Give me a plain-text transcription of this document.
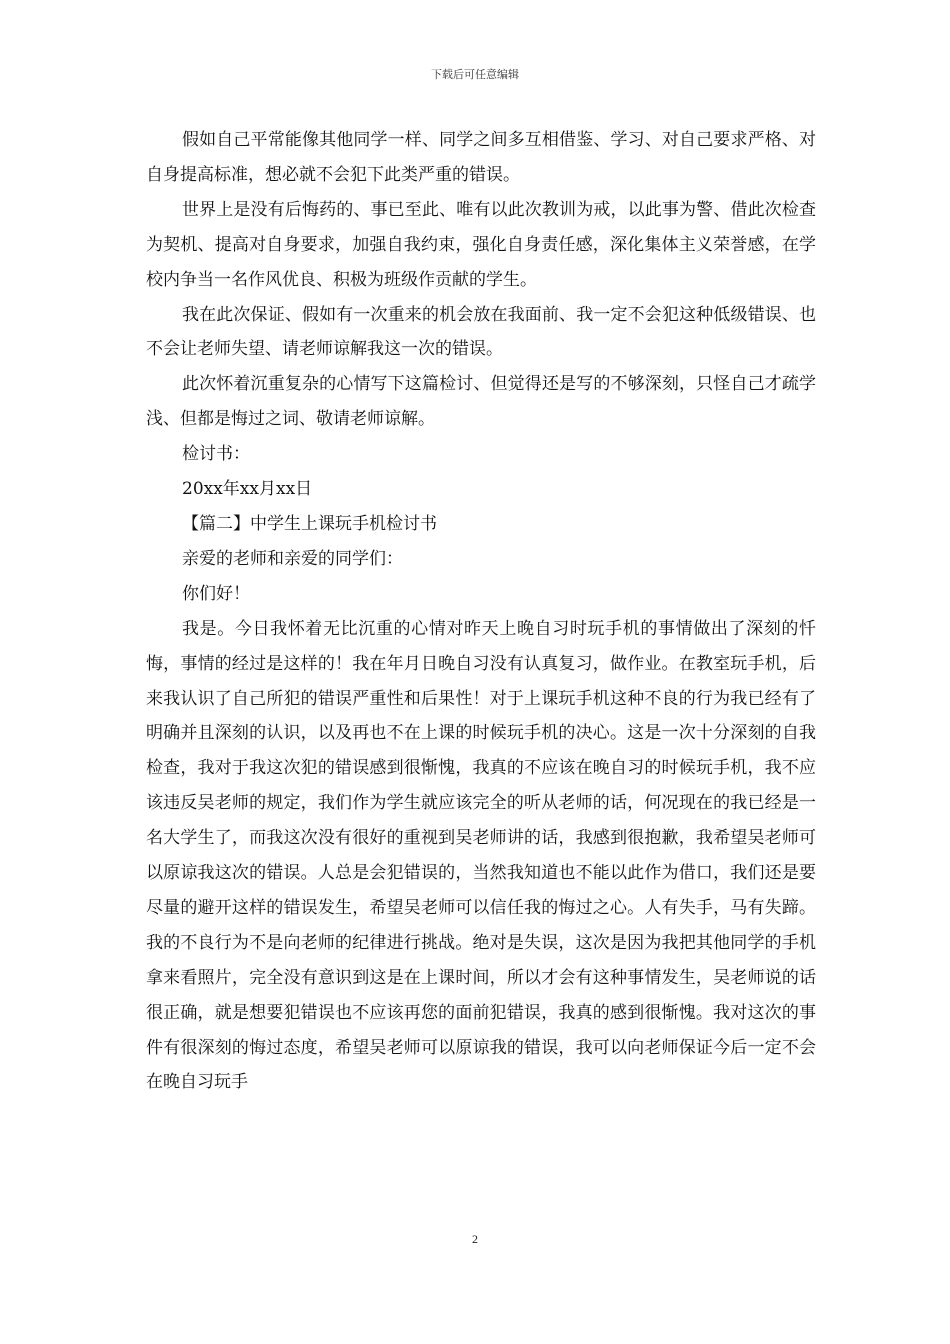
下载后可任意编辑

假如自己平常能像其他同学一样、同学之间多互相借鉴、学习、对自己要求严格、对自身提高标准，想必就不会犯下此类严重的错误。

世界上是没有后悔药的、事已至此、唯有以此次教训为戒，以此事为警、借此次检查为契机、提高对自身要求，加强自我约束，强化自身责任感，深化集体主义荣誉感，在学校内争当一名作风优良、积极为班级作贡献的学生。

我在此次保证、假如有一次重来的机会放在我面前、我一定不会犯这种低级错误、也不会让老师失望、请老师谅解我这一次的错误。

此次怀着沉重复杂的心情写下这篇检讨、但觉得还是写的不够深刻，只怪自己才疏学浅、但都是悔过之词、敬请老师谅解。

检讨书：

20xx年xx月xx日

【篇二】中学生上课玩手机检讨书

亲爱的老师和亲爱的同学们：

你们好！

我是。今日我怀着无比沉重的心情对昨天上晚自习时玩手机的事情做出了深刻的忏悔，事情的经过是这样的！我在年月日晚自习没有认真复习，做作业。在教室玩手机，后来我认识了自己所犯的错误严重性和后果性！对于上课玩手机这种不良的行为我已经有了明确并且深刻的认识，以及再也不在上课的时候玩手机的决心。这是一次十分深刻的自我检查，我对于我这次犯的错误感到很惭愧，我真的不应该在晚自习的时候玩手机，我不应该违反吴老师的规定，我们作为学生就应该完全的听从老师的话，何况现在的我已经是一名大学生了，而我这次没有很好的重视到吴老师讲的话，我感到很抱歉，我希望吴老师可以原谅我这次的错误。人总是会犯错误的，当然我知道也不能以此作为借口，我们还是要尽量的避开这样的错误发生，希望吴老师可以信任我的悔过之心。人有失手，马有失蹄。我的不良行为不是向老师的纪律进行挑战。绝对是失误，这次是因为我把其他同学的手机拿来看照片，完全没有意识到这是在上课时间，所以才会有这种事情发生，吴老师说的话很正确，就是想要犯错误也不应该再您的面前犯错误，我真的感到很惭愧。我对这次的事件有很深刻的悔过态度，希望吴老师可以原谅我的错误，我可以向老师保证今后一定不会在晚自习玩手

2
